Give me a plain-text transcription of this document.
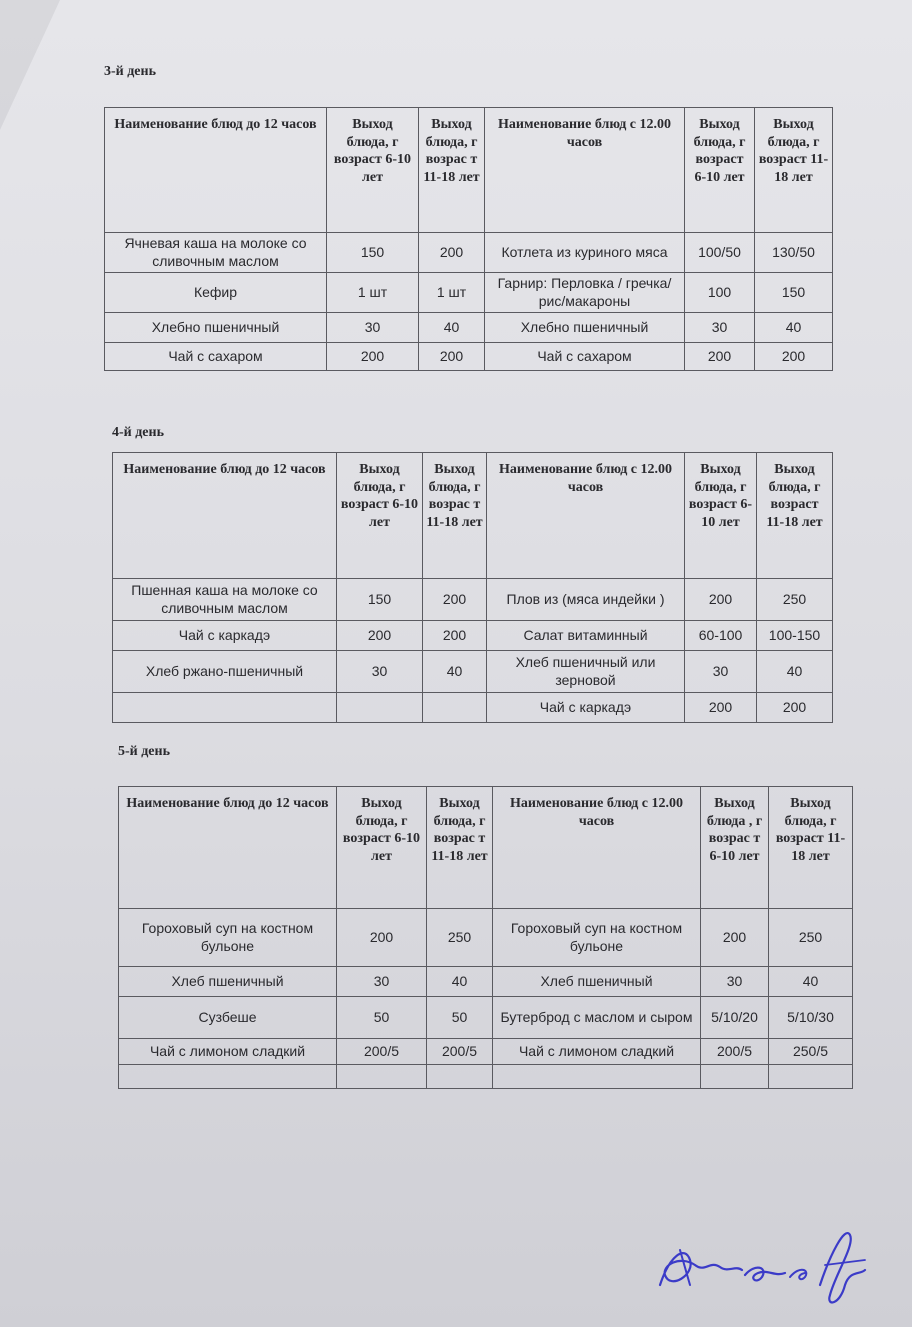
3-й день
Наименование блюд до 12 часов	Выход блюда, г возраст 6-10 лет	Выход блюда, г возрас т 11-18 лет	Наименование блюд с 12.00 часов	Выход блюда, г возраст 6-10 лет	Выход блюда, г возраст 11-18 лет
Ячневая каша на молоке со сливочным маслом	150	200	Котлета из куриного мяса	100/50	130/50
Кефир	1 шт	1 шт	Гарнир: Перловка / гречка/ рис/макароны	100	150
Хлебно пшеничный	30	40	Хлебно пшеничный	30	40
Чай с сахаром	200	200	Чай с сахаром	200	200
4-й день
Наименование блюд до 12 часов	Выход блюда, г возраст 6-10 лет	Выход блюда, г возрас т 11-18 лет	Наименование блюд с 12.00 часов	Выход блюда, г возраст 6-10 лет	Выход блюда, г возраст 11-18 лет
Пшенная каша на молоке со сливочным маслом	150	200	Плов из (мяса индейки )	200	250
Чай с каркадэ	200	200	Салат витаминный	60-100	100-150
Хлеб ржано-пшеничный	30	40	Хлеб пшеничный или зерновой	30	40
			Чай с каркадэ	200	200
5-й день
Наименование блюд до 12 часов	Выход блюда, г возраст 6-10 лет	Выход блюда, г возрас т 11-18 лет	Наименование блюд с 12.00 часов	Выход блюда , г возрас т 6-10 лет	Выход блюда, г возраст 11-18 лет
Гороховый суп на костном бульоне	200	250	Гороховый суп на костном бульоне	200	250
Хлеб пшеничный	30	40	Хлеб пшеничный	30	40
Сузбеше	50	50	Бутерброд с маслом и сыром	5/10/20	5/10/30
Чай с лимоном сладкий	200/5	200/5	Чай с лимоном сладкий	200/5	250/5
